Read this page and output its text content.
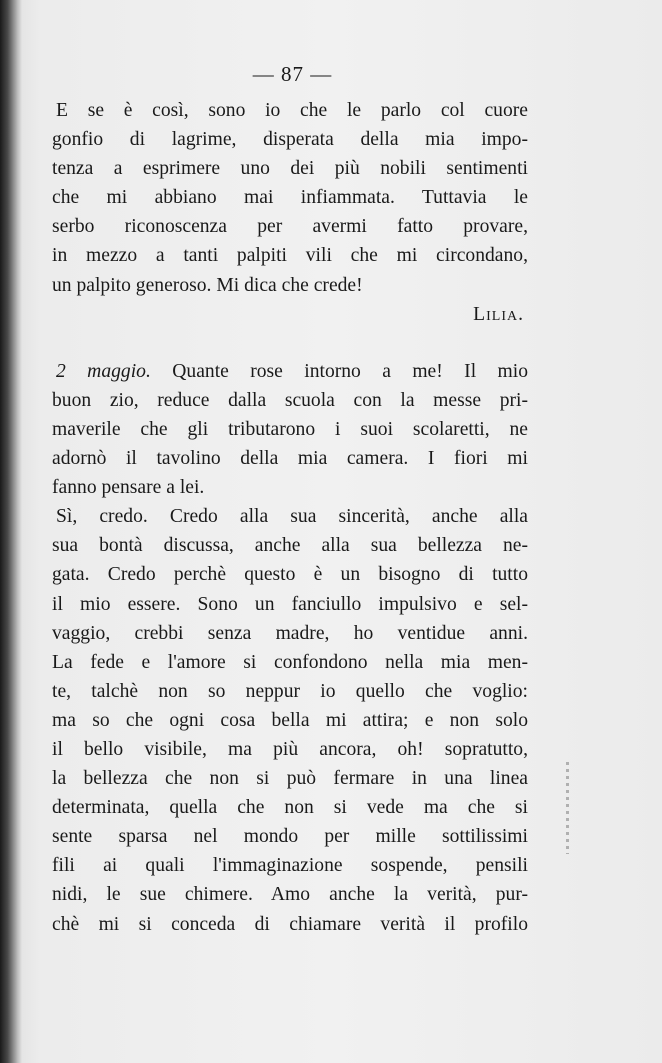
— 87 —
E se è così, sono io che le parlo col cuore
gonfio di lagrime, disperata della mia impo-
tenza a esprimere uno dei più nobili sentimenti
che mi abbiano mai infiammata. Tuttavia le
serbo riconoscenza per avermi fatto provare,
in mezzo a tanti palpiti vili che mi circondano,
un palpito generoso. Mi dica che crede!
Lilia.
2 maggio. Quante rose intorno a me! Il mio
buon zio, reduce dalla scuola con la messe pri-
maverile che gli tributarono i suoi scolaretti, ne
adornò il tavolino della mia camera. I fiori mi
fanno pensare a lei.
Sì, credo. Credo alla sua sincerità, anche alla
sua bontà discussa, anche alla sua bellezza ne-
gata. Credo perchè questo è un bisogno di tutto
il mio essere. Sono un fanciullo impulsivo e sel-
vaggio, crebbi senza madre, ho ventidue anni.
La fede e l'amore si confondono nella mia men-
te, talchè non so neppur io quello che voglio:
ma so che ogni cosa bella mi attira; e non solo
il bello visibile, ma più ancora, oh! sopratutto,
la bellezza che non si può fermare in una linea
determinata, quella che non si vede ma che si
sente sparsa nel mondo per mille sottilissimi
fili ai quali l'immaginazione sospende, pensili
nidi, le sue chimere. Amo anche la verità, pur-
chè mi si conceda di chiamare verità il profilo
